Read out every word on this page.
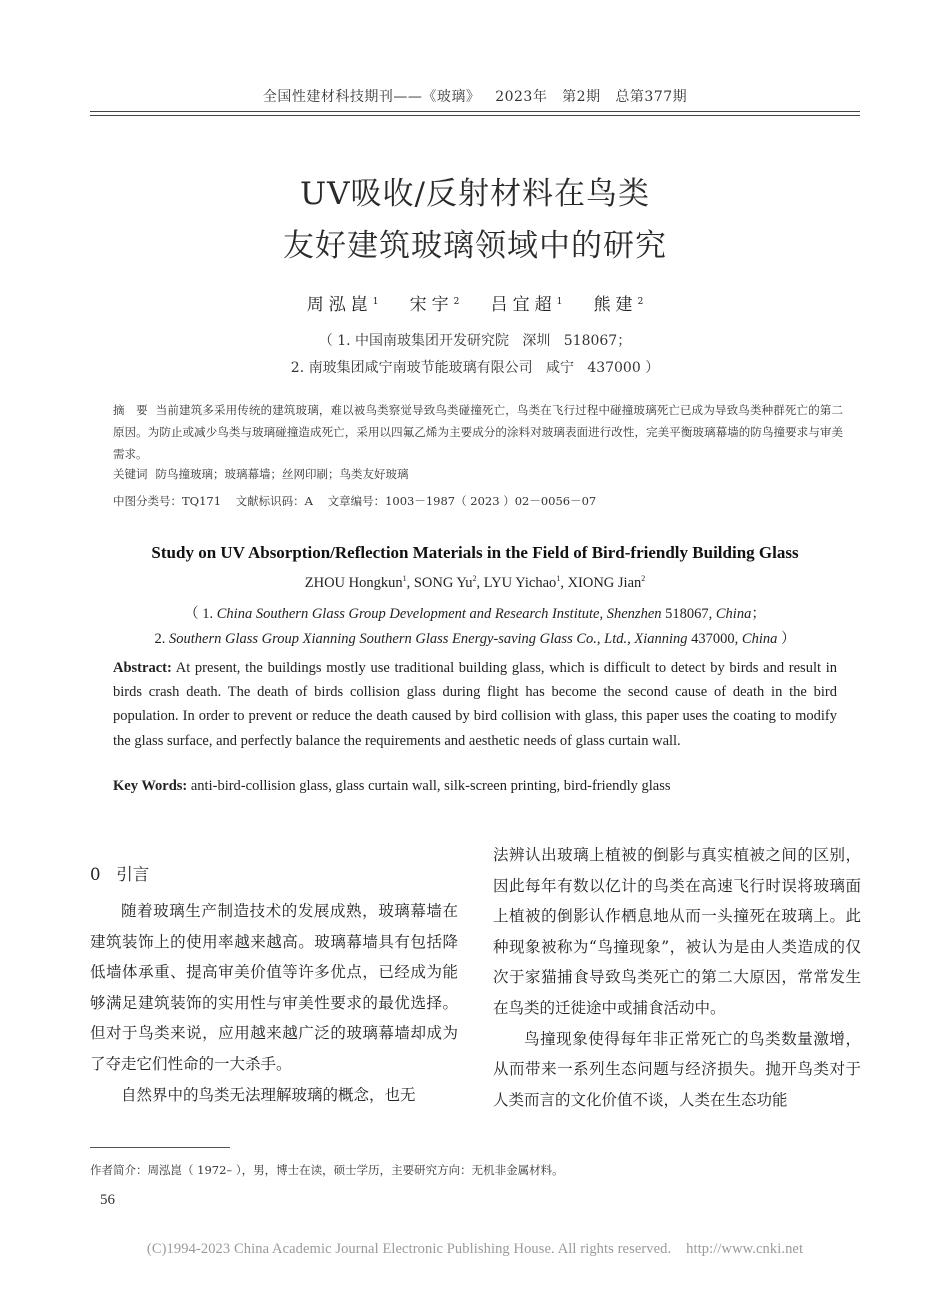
全国性建材科技期刊——《玻璃》   2023年   第2期   总第377期
UV吸收/反射材料在鸟类
友好建筑玻璃领域中的研究
周泓崑$^1$ 宋宇$^2$ 吕宜超$^1$ 熊建$^2$
（ 1. 中国南玻集团开发研究院   深圳   518067；
2. 南玻集团咸宁南玻节能玻璃有限公司   咸宁   437000 ）
摘   要 当前建筑多采用传统的建筑玻璃，难以被鸟类察觉导致鸟类碰撞死亡，鸟类在飞行过程中碰撞玻璃死亡已成为导致鸟类种群死亡的第二原因。为防止或减少鸟类与玻璃碰撞造成死亡，采用以四氟乙烯为主要成分的涂料对玻璃表面进行改性，完美平衡玻璃幕墙的防鸟撞要求与审美需求。
关键词 防鸟撞玻璃；玻璃幕墙；丝网印刷；鸟类友好玻璃
中图分类号：TQ171    文献标识码：A    文章编号：1003－1987（ 2023 ）02－0056－07
Study on UV Absorption/Reflection Materials in the Field of Bird-friendly Building Glass
ZHOU Hongkun$^1$, SONG Yu$^2$, LYU Yichao$^1$, XIONG Jian$^2$
（ 1. China Southern Glass Group Development and Research Institute, Shenzhen 518067, China；
2. Southern Glass Group Xianning Southern Glass Energy-saving Glass Co., Ltd., Xianning 437000, China ）
Abstract: At present, the buildings mostly use traditional building glass, which is difficult to detect by birds and result in birds crash death. The death of birds collision glass during flight has become the second cause of death in the bird population. In order to prevent or reduce the death caused by bird collision with glass, this paper uses the coating to modify the glass surface, and perfectly balance the requirements and aesthetic needs of glass curtain wall.
Key Words: anti-bird-collision glass, glass curtain wall, silk-screen printing, bird-friendly glass
0   引言

随着玻璃生产制造技术的发展成熟，玻璃幕墙在建筑装饰上的使用率越来越高。玻璃幕墙具有包括降低墙体承重、提高审美价值等许多优点，已经成为能够满足建筑装饰的实用性与审美性要求的最优选择。但对于鸟类来说，应用越来越广泛的玻璃幕墙却成为了夺走它们性命的一大杀手。

自然界中的鸟类无法理解玻璃的概念，也无

法辨认出玻璃上植被的倒影与真实植被之间的区别，因此每年有数以亿计的鸟类在高速飞行时误将玻璃面上植被的倒影认作栖息地从而一头撞死在玻璃上。此种现象被称为“鸟撞现象”，被认为是由人类造成的仅次于家猫捕食导致鸟类死亡的第二大原因，常常发生在鸟类的迁徙途中或捕食活动中。

鸟撞现象使得每年非正常死亡的鸟类数量激增，从而带来一系列生态问题与经济损失。抛开鸟类对于人类而言的文化价值不谈，人类在生态功能

作者简介：周泓崑（ 1972– ），男，博士在读，硕士学历，主要研究方向：无机非金属材料。
56
(C)1994-2023 China Academic Journal Electronic Publishing House. All rights reserved.    http://www.cnki.net
